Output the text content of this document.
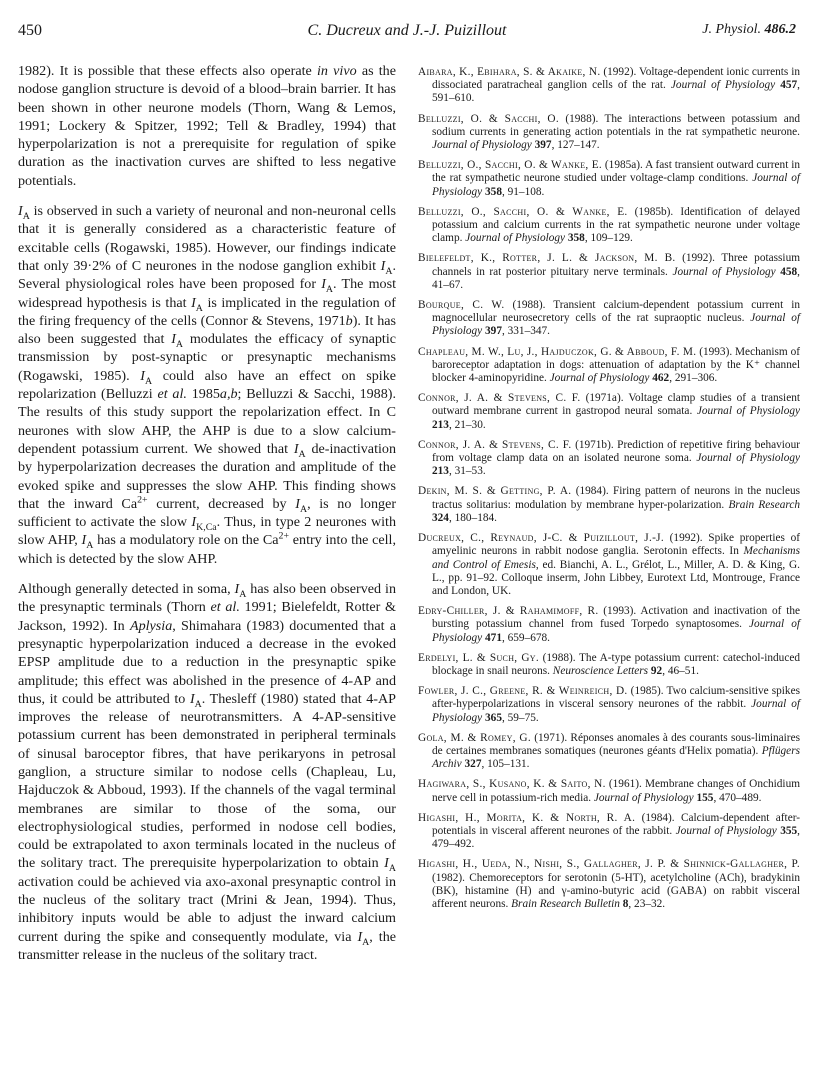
450	C. Ducreux and J.-J. Puizillout	J. Physiol. 486.2

1982). It is possible that these effects also operate in vivo as the nodose ganglion structure is devoid of a blood–brain barrier. It has been shown in other neurone models (Thorn, Wang & Lemos, 1991; Lockery & Spitzer, 1992; Tell & Bradley, 1994) that hyperpolarization is not a prerequisite for regulation of spike duration as the inactivation curves are shifted to less negative potentials.

$I_A$ is observed in such a variety of neuronal and non-neuronal cells that it is generally considered as a characteristic feature of excitable cells (Rogawski, 1985). However, our findings indicate that only 39·2% of C neurones in the nodose ganglion exhibit $I_A$. Several physiological roles have been proposed for $I_A$. The most widespread hypothesis is that $I_A$ is implicated in the regulation of the firing frequency of the cells (Connor & Stevens, 1971b). It has also been suggested that $I_A$ modulates the efficacy of synaptic transmission by post-synaptic or presynaptic mechanisms (Rogawski, 1985). $I_A$ could also have an effect on spike repolarization (Belluzzi et al. 1985a,b; Belluzzi & Sacchi, 1988). The results of this study support the repolarization effect. In C neurones with slow AHP, the AHP is due to a slow calcium-dependent potassium current. We showed that $I_A$ de-inactivation by hyperpolarization decreases the duration and amplitude of the evoked spike and suppresses the slow AHP. This finding shows that the inward $Ca^{2+}$ current, decreased by $I_A$, is no longer sufficient to activate the slow $I_{K,Ca}$. Thus, in type 2 neurones with slow AHP, $I_A$ has a modulatory role on the $Ca^{2+}$ entry into the cell, which is detected by the slow AHP.

Although generally detected in soma, $I_A$ has also been observed in the presynaptic terminals (Thorn et al. 1991; Bielefeldt, Rotter & Jackson, 1992). In Aplysia, Shimahara (1983) documented that a presynaptic hyperpolarization induced a decrease in the evoked EPSP amplitude due to a reduction in the presynaptic spike amplitude; this effect was abolished in the presence of 4-AP and thus, it could be attributed to $I_A$. Thesleff (1980) stated that 4-AP improves the release of neurotransmitters. A 4-AP-sensitive potassium current has been demonstrated in peripheral terminals of sinusal baroceptor fibres, that have perikaryons in petrosal ganglion, a structure similar to nodose cells (Chapleau, Lu, Hajduczok & Abboud, 1993). If the channels of the vagal terminal membranes are similar to those of the soma, our electrophysiological studies, performed in nodose cell bodies, could be extrapolated to axon terminals located in the nucleus of the solitary tract. The prerequisite hyperpolarization to obtain $I_A$ activation could be achieved via axo-axonal presynaptic control in the nucleus of the solitary tract (Mrini & Jean, 1994). Thus, inhibitory inputs would be able to adjust the inward calcium current during the spike and consequently modulate, via $I_A$, the transmitter release in the nucleus of the solitary tract.

Aibara, K., Ebihara, S. & Akaike, N. (1992). Voltage-dependent ionic currents in dissociated paratracheal ganglion cells of the rat. Journal of Physiology 457, 591–610.

Belluzzi, O. & Sacchi, O. (1988). The interactions between potassium and sodium currents in generating action potentials in the rat sympathetic neurone. Journal of Physiology 397, 127–147.

Belluzzi, O., Sacchi, O. & Wanke, E. (1985a). A fast transient outward current in the rat sympathetic neurone studied under voltage-clamp conditions. Journal of Physiology 358, 91–108.

Belluzzi, O., Sacchi, O. & Wanke, E. (1985b). Identification of delayed potassium and calcium currents in the rat sympathetic neurone under voltage clamp. Journal of Physiology 358, 109–129.

Bielefeldt, K., Rotter, J. L. & Jackson, M. B. (1992). Three potassium channels in rat posterior pituitary nerve terminals. Journal of Physiology 458, 41–67.

Bourque, C. W. (1988). Transient calcium-dependent potassium current in magnocellular neurosecretory cells of the rat supraoptic nucleus. Journal of Physiology 397, 331–347.

Chapleau, M. W., Lu, J., Hajduczok, G. & Abboud, F. M. (1993). Mechanism of baroreceptor adaptation in dogs: attenuation of adaptation by the K⁺ channel blocker 4-aminopyridine. Journal of Physiology 462, 291–306.

Connor, J. A. & Stevens, C. F. (1971a). Voltage clamp studies of a transient outward membrane current in gastropod neural somata. Journal of Physiology 213, 21–30.

Connor, J. A. & Stevens, C. F. (1971b). Prediction of repetitive firing behaviour from voltage clamp data on an isolated neurone soma. Journal of Physiology 213, 31–53.

Dekin, M. S. & Getting, P. A. (1984). Firing pattern of neurons in the nucleus tractus solitarius: modulation by membrane hyper-polarization. Brain Research 324, 180–184.

Ducreux, C., Reynaud, J-C. & Puizillout, J.-J. (1992). Spike properties of amyelinic neurons in rabbit nodose ganglia. Serotonin effects. In Mechanisms and Control of Emesis, ed. Bianchi, A. L., Grélot, L., Miller, A. D. & King, G. L., pp. 91–92. Colloque inserm, John Libbey, Eurotext Ltd, Montrouge, France and London, UK.

Edry-Chiller, J. & Rahamimoff, R. (1993). Activation and inactivation of the bursting potassium channel from fused Torpedo synaptosomes. Journal of Physiology 471, 659–678.

Erdelyi, L. & Such, Gy. (1988). The A-type potassium current: catechol-induced blockage in snail neurons. Neuroscience Letters 92, 46–51.

Fowler, J. C., Greene, R. & Weinreich, D. (1985). Two calcium-sensitive spikes after-hyperpolarizations in visceral sensory neurones of the rabbit. Journal of Physiology 365, 59–75.

Gola, M. & Romey, G. (1971). Réponses anomales à des courants sous-liminaires de certaines membranes somatiques (neurones géants d'Helix pomatia). Pflügers Archiv 327, 105–131.

Hagiwara, S., Kusano, K. & Saito, N. (1961). Membrane changes of Onchidium nerve cell in potassium-rich media. Journal of Physiology 155, 470–489.

Higashi, H., Morita, K. & North, R. A. (1984). Calcium-dependent after-potentials in visceral afferent neurones of the rabbit. Journal of Physiology 355, 479–492.

Higashi, H., Ueda, N., Nishi, S., Gallagher, J. P. & Shinnick-Gallagher, P. (1982). Chemoreceptors for serotonin (5-HT), acetylcholine (ACh), bradykinin (BK), histamine (H) and γ-amino-butyric acid (GABA) on rabbit visceral afferent neurons. Brain Research Bulletin 8, 23–32.
